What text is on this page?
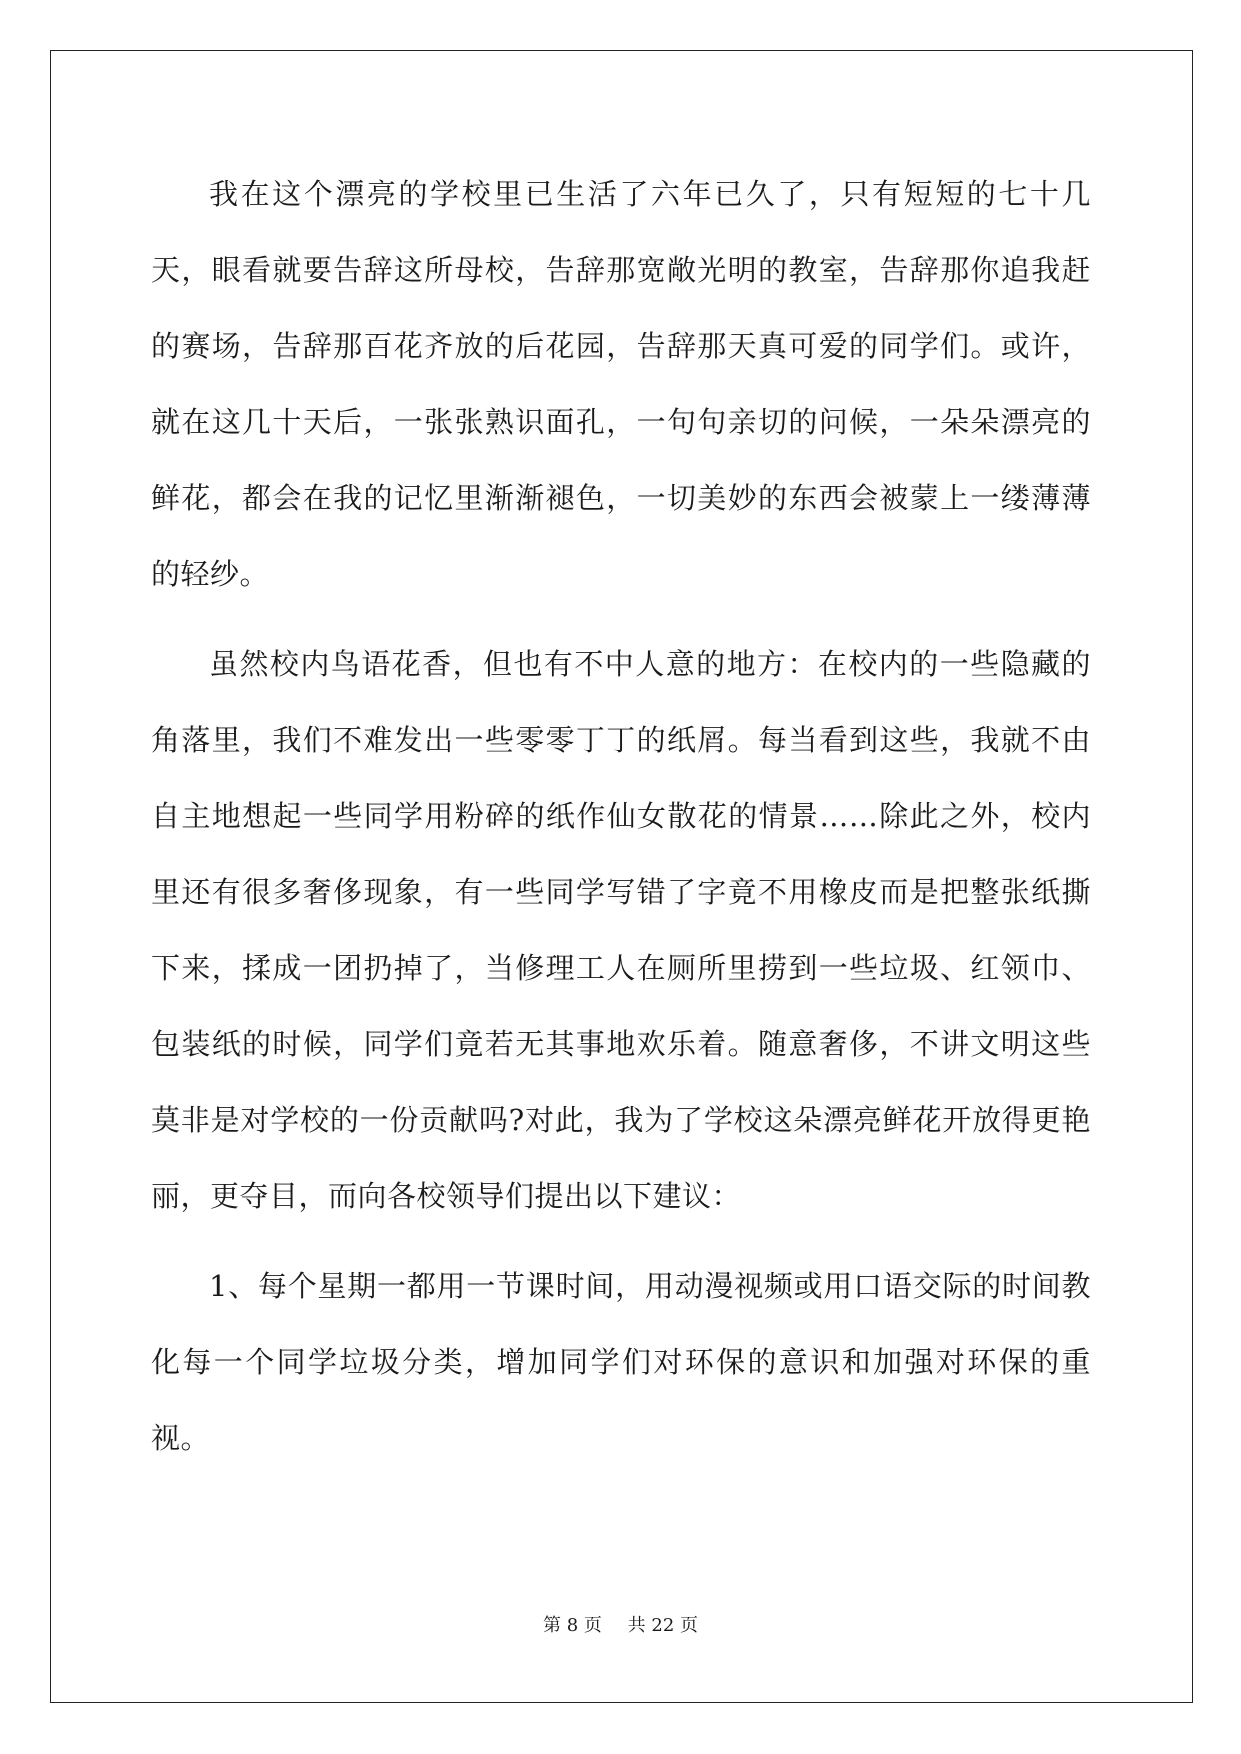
我在这个漂亮的学校里已生活了六年已久了，只有短短的七十几天，眼看就要告辞这所母校，告辞那宽敞光明的教室，告辞那你追我赶的赛场，告辞那百花齐放的后花园，告辞那天真可爱的同学们。或许，就在这几十天后，一张张熟识面孔，一句句亲切的问候，一朵朵漂亮的鲜花，都会在我的记忆里渐渐褪色，一切美妙的东西会被蒙上一缕薄薄的轻纱。

虽然校内鸟语花香，但也有不中人意的地方：在校内的一些隐藏的角落里，我们不难发出一些零零丁丁的纸屑。每当看到这些，我就不由自主地想起一些同学用粉碎的纸作仙女散花的情景……除此之外，校内里还有很多奢侈现象，有一些同学写错了字竟不用橡皮而是把整张纸撕下来，揉成一团扔掉了，当修理工人在厕所里捞到一些垃圾、红领巾、包装纸的时候，同学们竟若无其事地欢乐着。随意奢侈，不讲文明这些莫非是对学校的一份贡献吗?对此，我为了学校这朵漂亮鲜花开放得更艳丽，更夺目，而向各校领导们提出以下建议：

1、每个星期一都用一节课时间，用动漫视频或用口语交际的时间教化每一个同学垃圾分类，增加同学们对环保的意识和加强对环保的重视。

第 8 页 共 22 页
